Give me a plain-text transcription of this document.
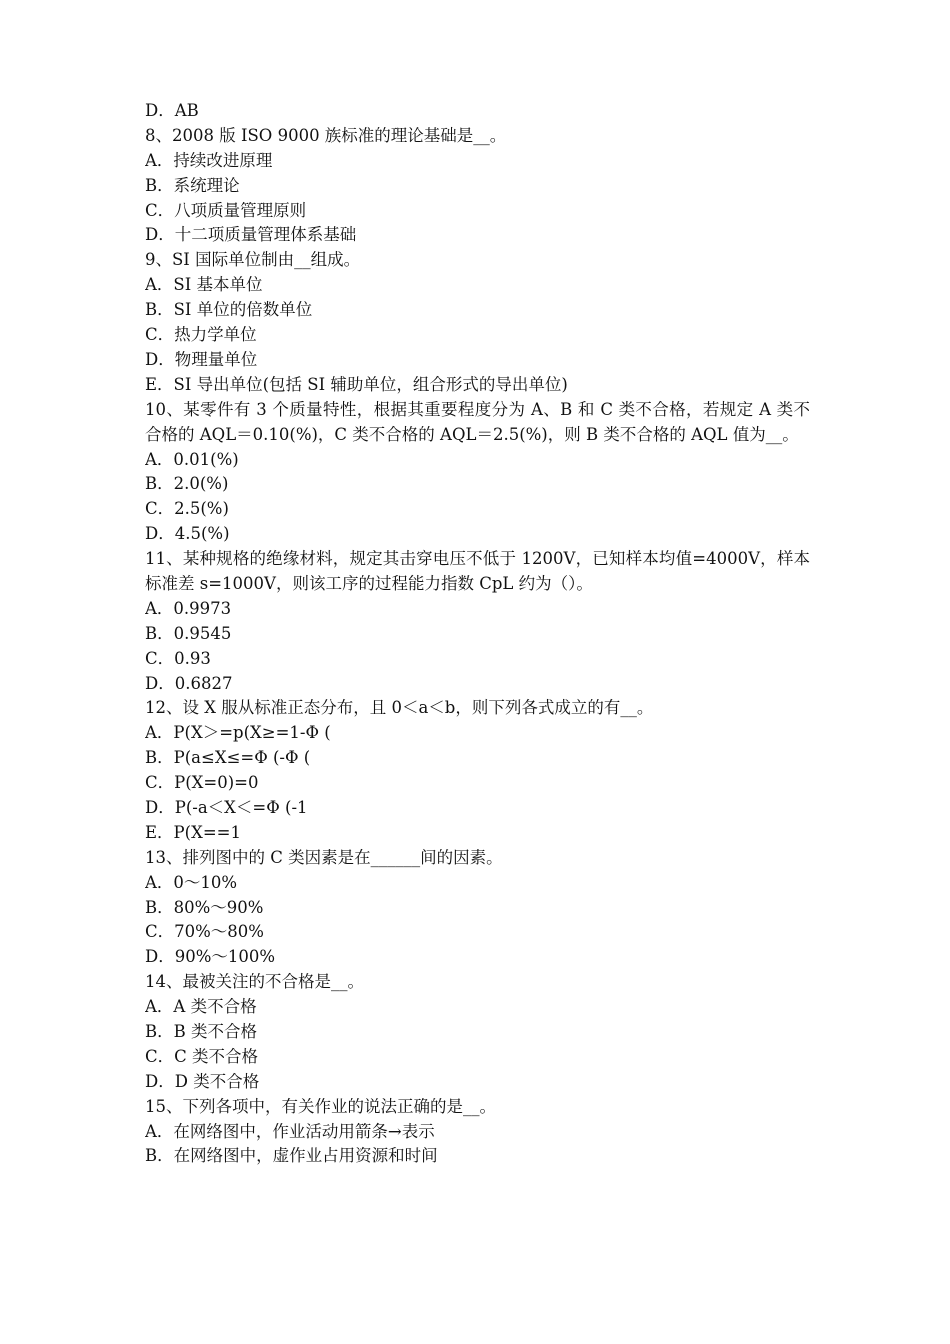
D．AB
8、2008 版 ISO 9000 族标准的理论基础是__。
A．持续改进原理
B．系统理论
C．八项质量管理原则
D．十二项质量管理体系基础
9、SI 国际单位制由__组成。
A．SI 基本单位
B．SI 单位的倍数单位
C．热力学单位
D．物理量单位
E．SI 导出单位(包括 SI 辅助单位，组合形式的导出单位)
10、某零件有 3 个质量特性，根据其重要程度分为 A、B 和 C 类不合格，若规定 A 类不合格的 AQL＝0.10(%)，C 类不合格的 AQL＝2.5(%)，则 B 类不合格的 AQL 值为__。
A．0.01(%)
B．2.0(%)
C．2.5(%)
D．4.5(%)
11、某种规格的绝缘材料，规定其击穿电压不低于 1200V，已知样本均值=4000V，样本标准差 s=1000V，则该工序的过程能力指数 CpL 约为（）。
A．0.9973
B．0.9545
C．0.93
D．0.6827
12、设 X 服从标准正态分布，且 0＜a＜b，则下列各式成立的有__。
A．P(X＞=p(X≥=1-Φ (
B．P(a≤X≤=Φ (-Φ (
C．P(X=0)=0
D．P(-a＜X＜=Φ (-1
E．P(X==1
13、排列图中的 C 类因素是在______间的因素。
A．0～10%
B．80%～90%
C．70%～80%
D．90%～100%
14、最被关注的不合格是__。
A．A 类不合格
B．B 类不合格
C．C 类不合格
D．D 类不合格
15、下列各项中，有关作业的说法正确的是__。
A．在网络图中，作业活动用箭条→表示
B．在网络图中，虚作业占用资源和时间
